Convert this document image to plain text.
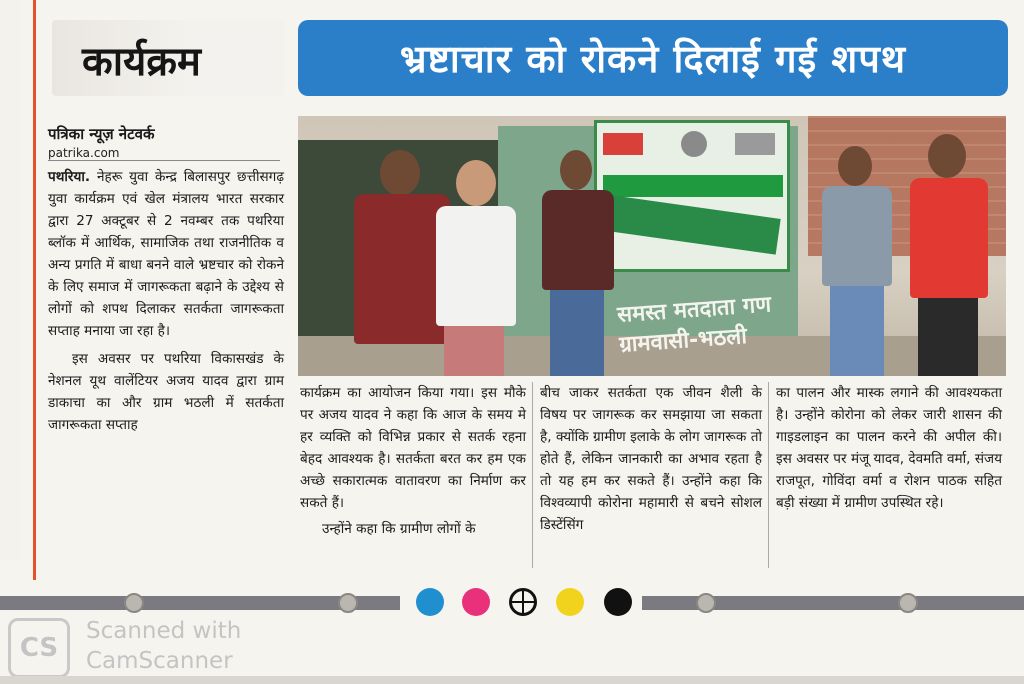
कार्यक्रम	भ्रष्टाचार को रोकने दिलाई गई शपथ
पत्रिका न्यूज़ नेटवर्क
patrika.com

पथरिया. नेहरू युवा केन्द्र बिलासपुर छत्तीसगढ़ युवा कार्यक्रम एवं खेल मंत्रालय भारत सरकार द्वारा 27 अक्टूबर से 2 नवम्बर तक पथरिया ब्लॉक में आर्थिक, सामाजिक तथा राजनीतिक व अन्य प्रगति में बाधा बनने वाले भ्रष्टचार को रोकने के लिए समाज में जागरूकता बढ़ाने के उद्देश्य से लोगों को शपथ दिलाकर सतर्कता जागरूकता सप्ताह मनाया जा रहा है।

इस अवसर पर पथरिया विकासखंड के नेशनल यूथ वालेंटियर अजय यादव द्वारा ग्राम डाकाचा का और ग्राम भठली में सतर्कता जागरूकता सप्ताह

समस्त मतदाता गण ग्रामवासी-भठली

कार्यक्रम का आयोजन किया गया। इस मौके पर अजय यादव ने कहा कि आज के समय मे हर व्यक्ति को विभिन्न प्रकार से सतर्क रहना बेहद आवश्यक है। सतर्कता बरत कर हम एक अच्छे सकारात्मक वातावरण का निर्माण कर सकते हैं।

उन्होंने कहा कि ग्रामीण लोगों के

बीच जाकर सतर्कता एक जीवन शैली के विषय पर जागरूक कर समझाया जा सकता है, क्योंकि ग्रामीण इलाके के लोग जागरूक तो होते हैं, लेकिन जानकारी का अभाव रहता है तो यह हम कर सकते हैं। उन्होंने कहा कि विश्वव्यापी कोरोना महामारी से बचने सोशल डिस्टेंसिंग

का पालन और मास्क लगाने की आवश्यकता है। उन्होंने कोरोना को लेकर जारी शासन की गाइडलाइन का पालन करने की अपील की। इस अवसर पर मंजू यादव, देवमति वर्मा, संजय राजपूत, गोविंदा वर्मा व रोशन पाठक सहित बड़ी संख्या में ग्रामीण उपस्थित रहे।

CS
Scanned with
CamScanner
